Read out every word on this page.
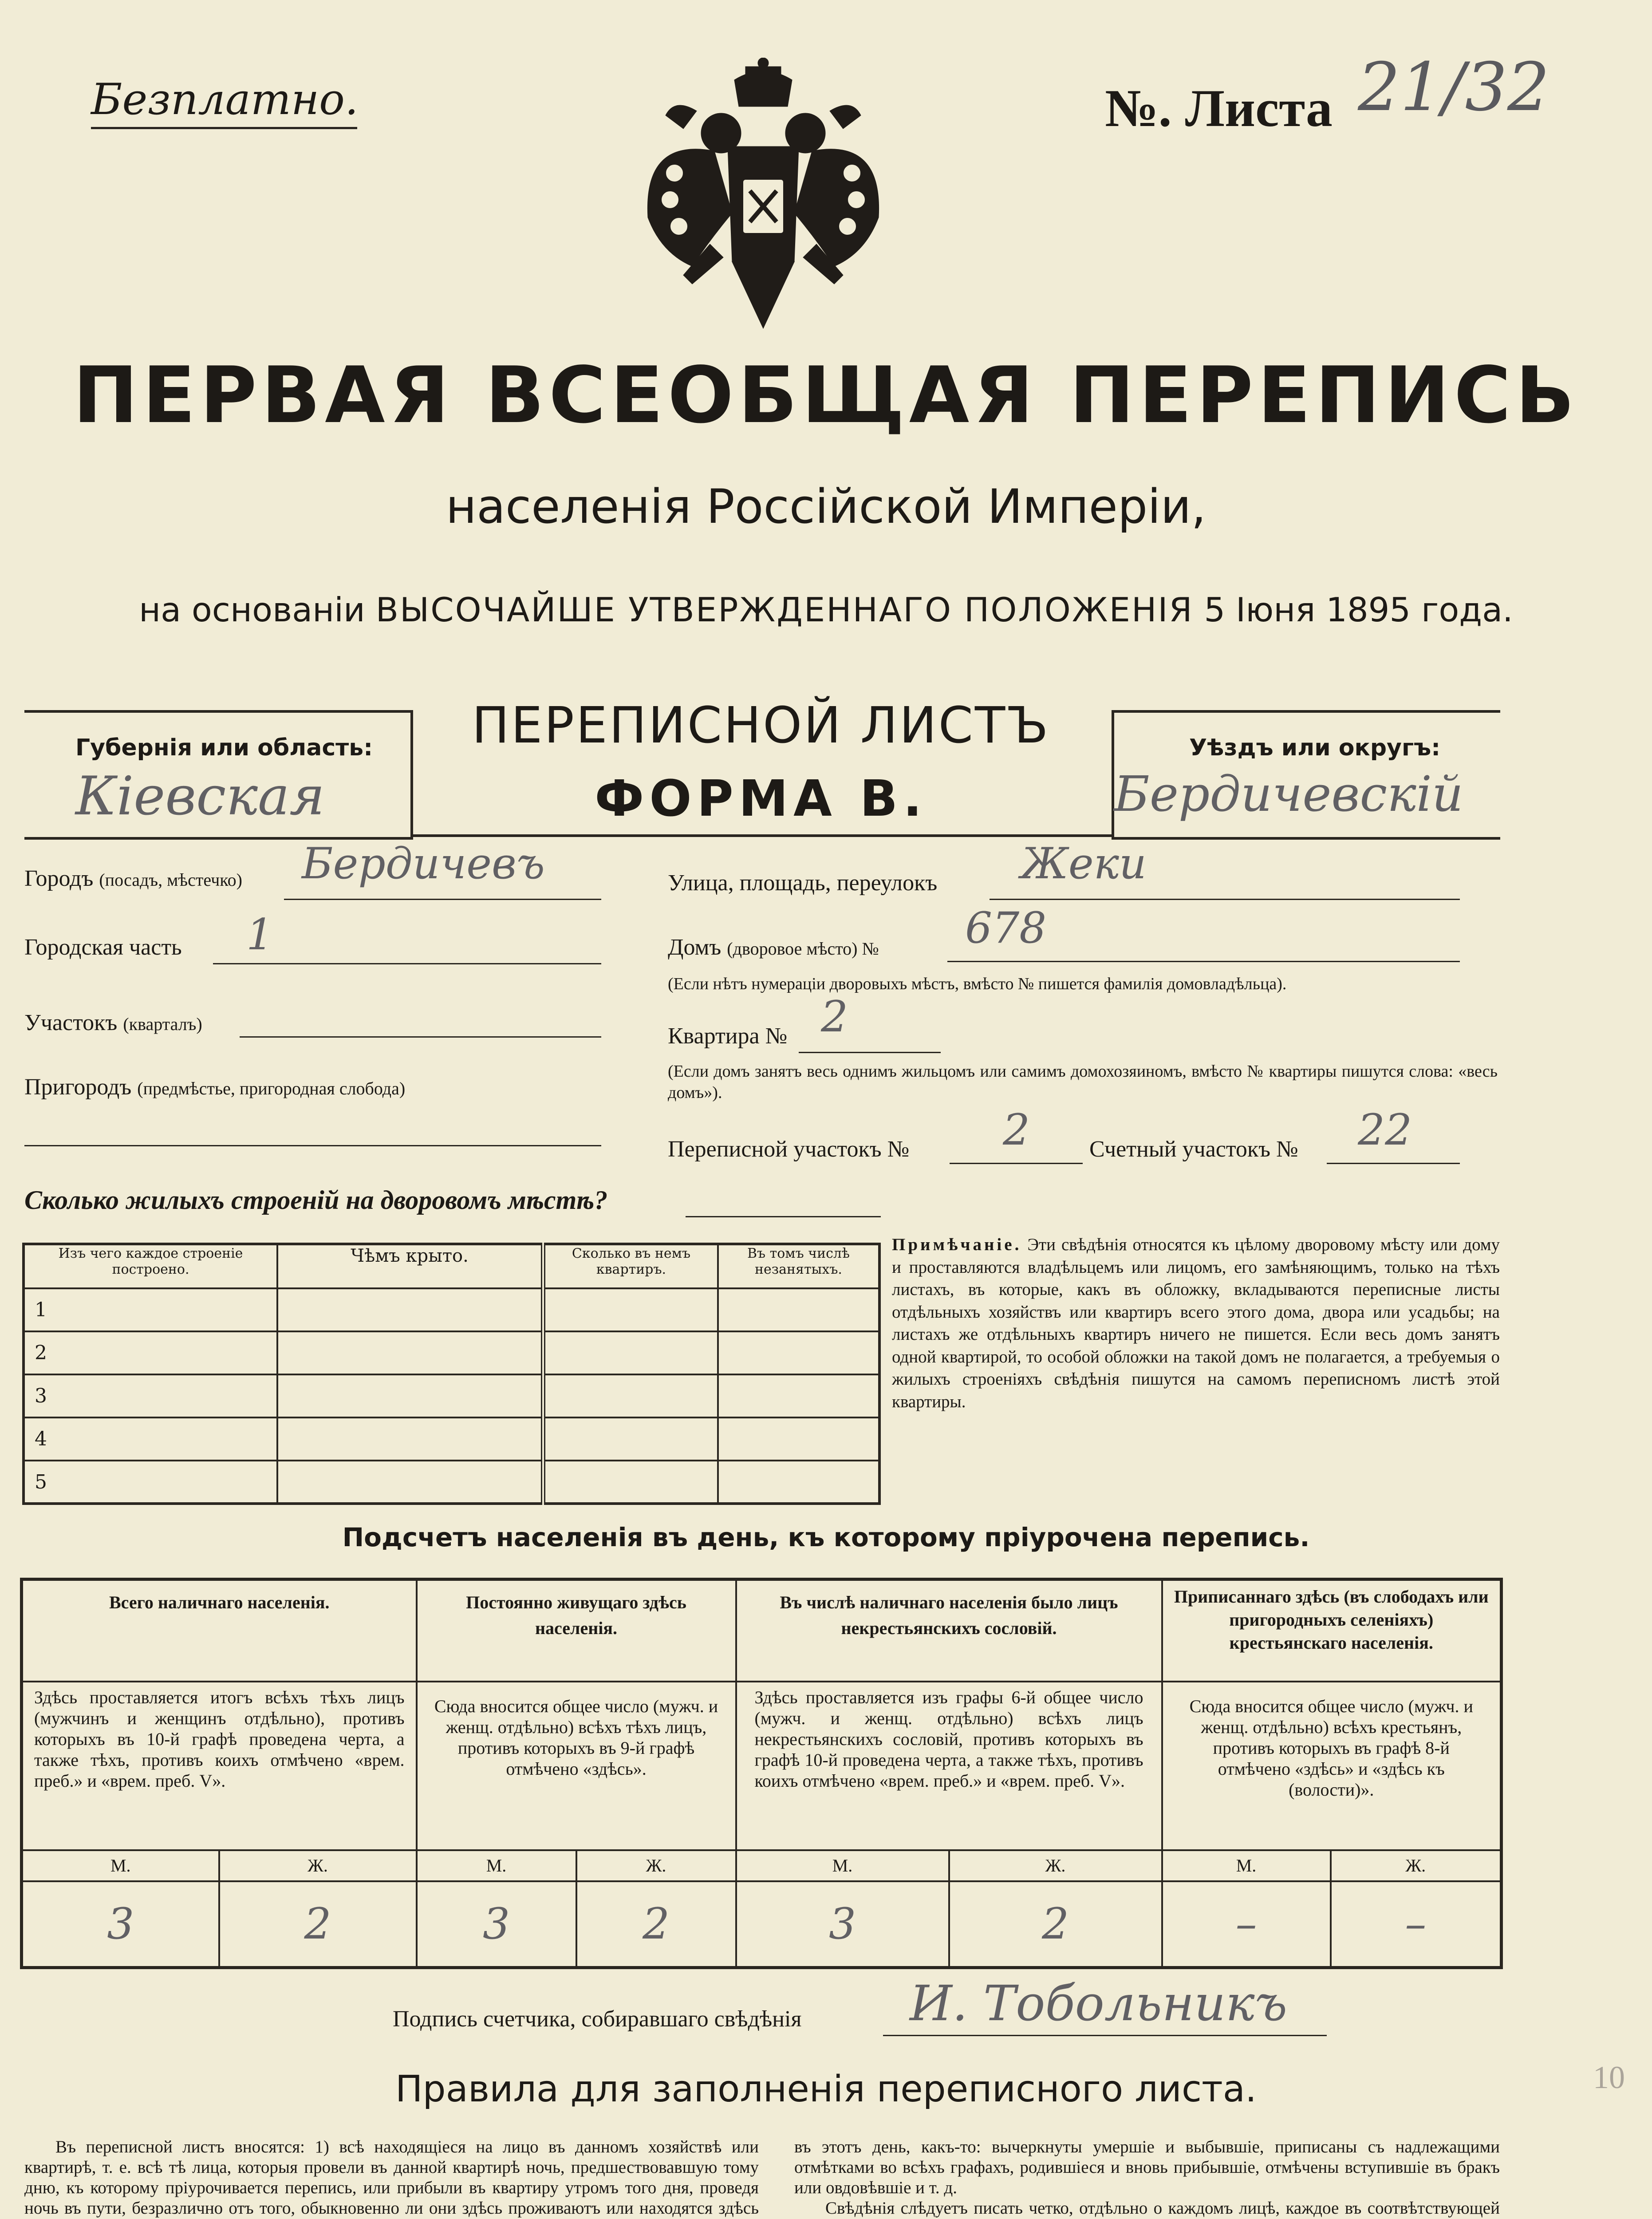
Безплатно.	№. Листа 21/32
ПЕРВАЯ ВСЕОБЩАЯ ПЕРЕПИСЬ
населенія Россійской Имперіи,
на основаніи ВЫСОЧАЙШЕ УТВЕРЖДЕННАГО ПОЛОЖЕНІЯ 5 Іюня 1895 года.
Губернія или область:
Кіевская
Уѣздъ или округъ:
Бердичевскій
ПЕРЕПИСНОЙ ЛИСТЪ
ФОРМА В.
Городъ (посадъ, мѣстечко)	Бердичевъ
Городская часть 1
Участокъ (кварталъ)
Пригородъ (предмѣстье, пригородная слобода)
Улица, площадь, переулокъ Жеки
Домъ (дворовое мѣсто) № 678
(Если нѣтъ нумераціи дворовыхъ мѣстъ, вмѣсто № пишется фамилія домовладѣльца).
Квартира № 2
(Если домъ занятъ весь однимъ жильцомъ или самимъ домохозяиномъ, вмѣсто № квартиры пишутся слова: «весь домъ»).
Переписной участокъ № 2	Счетный участокъ № 22
Сколько жилыхъ строеній на дворовомъ мѣстѣ?
Изъ чего каждое строеніе построено.	Чѣмъ крыто.	Сколько въ немъ квартиръ.	Въ томъ числѣ незанятыхъ.
1			
2			
3			
4			
5			
Примѣчаніе. Эти свѣдѣнія относятся къ цѣлому дворовому мѣсту или дому и проставляются владѣльцемъ или лицомъ, его замѣняющимъ, только на тѣхъ листахъ, въ которые, какъ въ обложку, вкладываются переписные листы отдѣльныхъ хозяйствъ или квартиръ всего этого дома, двора или усадьбы; на листахъ же отдѣльныхъ квартиръ ничего не пишется. Если весь домъ занятъ одной квартирой, то особой обложки на такой домъ не полагается, а требуемыя о жилыхъ строеніяхъ свѣдѣнія пишутся на самомъ переписномъ листѣ этой квартиры.
Подсчетъ населенія въ день, къ которому пріурочена перепись.
Всего наличнаго населенія.		Постоянно живущаго здѣсь населенія.		Въ числѣ наличнаго населенія было лицъ некрестьянскихъ сословій.		Приписаннаго здѣсь (въ слободахъ или пригородныхъ селеніяхъ) крестьянскаго населенія.	
Здѣсь проставляется итогъ всѣхъ тѣхъ лицъ (мужчинъ и женщинъ отдѣльно), противъ которыхъ въ 10-й графѣ проведена черта, а также тѣхъ, противъ коихъ отмѣчено «врем. преб.» и «врем. преб. V».		Сюда вносится общее число (мужч. и женщ. отдѣльно) всѣхъ тѣхъ лицъ, противъ которыхъ въ 9-й графѣ отмѣчено «здѣсь».		Здѣсь проставляется изъ графы 6-й общее число (мужч. и женщ. отдѣльно) всѣхъ лицъ некрестьянскихъ сословій, противъ которыхъ въ графѣ 10-й проведена черта, а также тѣхъ, противъ коихъ отмѣчено «врем. преб.» и «врем. преб. V».		Сюда вносится общее число (мужч. и женщ. отдѣльно) всѣхъ крестьянъ, противъ которыхъ въ графѣ 8-й отмѣчено «здѣсь» и «здѣсь къ (волости)».	
М.	Ж.	М.	Ж.	М.	Ж.	М.	Ж.
3	2	3	2	3	2	–	–
Подпись счетчика, собиравшаго свѣдѣнія И. Тобольникъ
10
Правила для заполненія переписного листа.

Въ переписной листъ вносятся: 1) всѣ находящіеся на лицо въ данномъ хозяйствѣ или квартирѣ, т. е. всѣ тѣ лица, которыя провели въ данной квартирѣ ночь, предшествовавшую тому дню, къ которому пріурочивается перепись, или прибыли въ квартиру утромъ того дня, проведя ночь въ пути, безразлично отъ того, обыкновенно ли они здѣсь проживаютъ или находятся здѣсь

въ этотъ день, какъ-то: вычеркнуты умершіе и выбывшіе, приписаны съ надлежащими отмѣтками во всѣхъ графахъ, родившіеся и вновь прибывшіе, отмѣчены вступившіе въ бракъ или овдовѣвшіе и т. д.

Свѣдѣнія слѣдуетъ писать четко, отдѣльно о каждомъ лицѣ, каждое въ соотвѣтствующей
